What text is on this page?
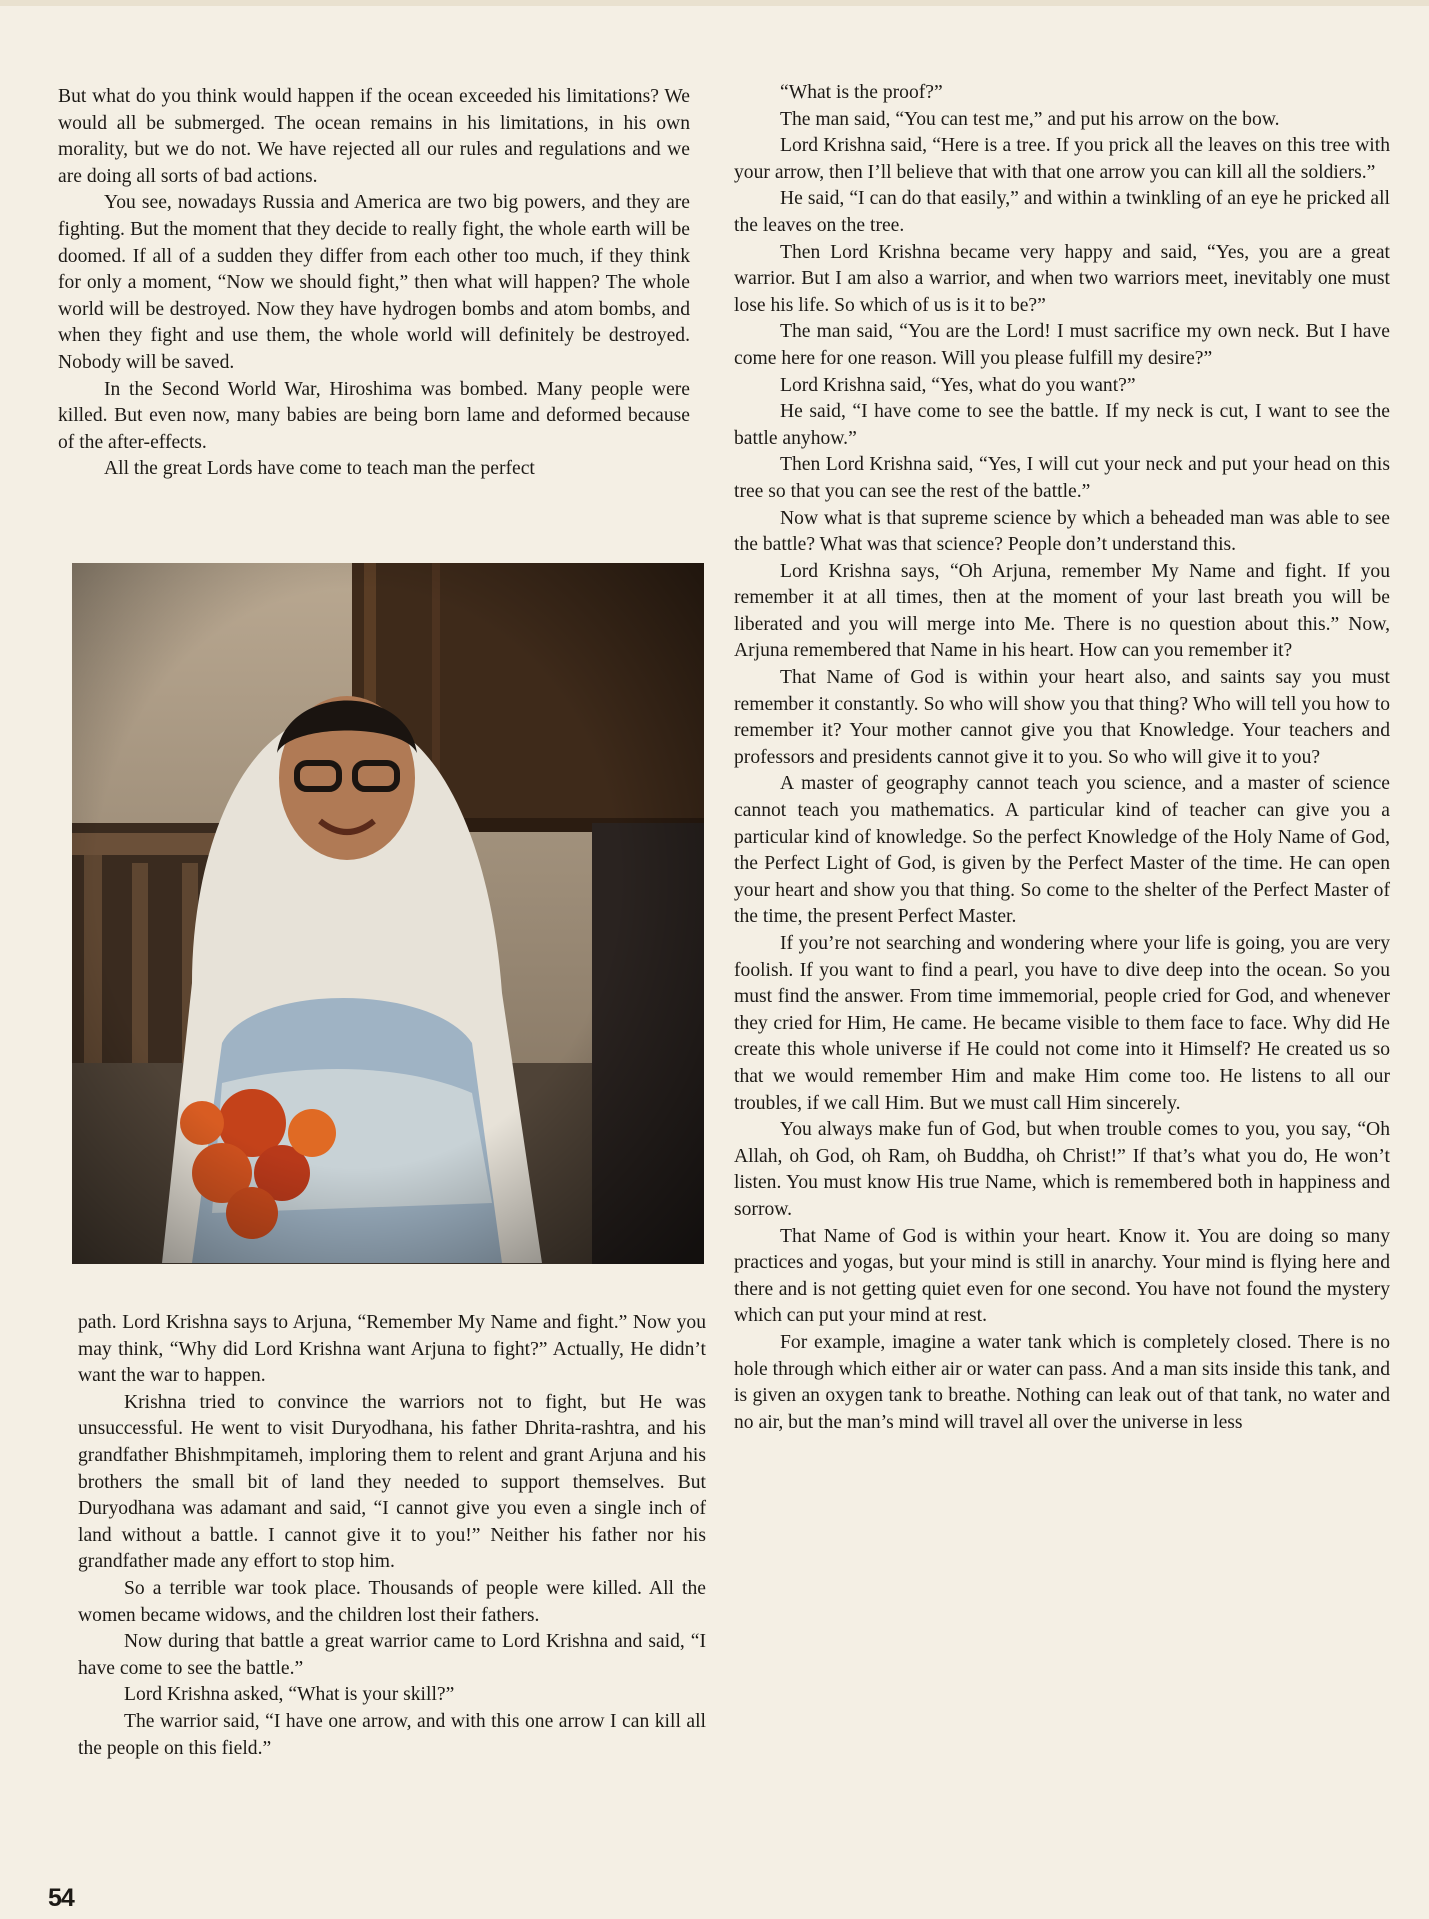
But what do you think would happen if the ocean exceeded his limitations? We would all be submerged. The ocean remains in his limitations, in his own morality, but we do not. We have rejected all our rules and regulations and we are doing all sorts of bad actions.

You see, nowadays Russia and America are two big powers, and they are fighting. But the moment that they decide to really fight, the whole earth will be doomed. If all of a sudden they differ from each other too much, if they think for only a moment, “Now we should fight,” then what will happen? The whole world will be destroyed. Now they have hydrogen bombs and atom bombs, and when they fight and use them, the whole world will definitely be destroyed. Nobody will be saved.

In the Second World War, Hiroshima was bombed. Many people were killed. But even now, many babies are being born lame and deformed because of the after-effects.

All the great Lords have come to teach man the perfect

path. Lord Krishna says to Arjuna, “Remember My Name and fight.” Now you may think, “Why did Lord Krishna want Arjuna to fight?” Actually, He didn’t want the war to happen.

Krishna tried to convince the warriors not to fight, but He was unsuccessful. He went to visit Duryodhana, his father Dhrita-rashtra, and his grandfather Bhishmpitameh, imploring them to relent and grant Arjuna and his brothers the small bit of land they needed to support themselves. But Duryodhana was adamant and said, “I cannot give you even a single inch of land without a battle. I cannot give it to you!” Neither his father nor his grandfather made any effort to stop him.

So a terrible war took place. Thousands of people were killed. All the women became widows, and the children lost their fathers.

Now during that battle a great warrior came to Lord Krishna and said, “I have come to see the battle.”

Lord Krishna asked, “What is your skill?”

The warrior said, “I have one arrow, and with this one arrow I can kill all the people on this field.”

“What is the proof?”

The man said, “You can test me,” and put his arrow on the bow.

Lord Krishna said, “Here is a tree. If you prick all the leaves on this tree with your arrow, then I’ll believe that with that one arrow you can kill all the soldiers.”

He said, “I can do that easily,” and within a twinkling of an eye he pricked all the leaves on the tree.

Then Lord Krishna became very happy and said, “Yes, you are a great warrior. But I am also a warrior, and when two warriors meet, inevitably one must lose his life. So which of us is it to be?”

The man said, “You are the Lord! I must sacrifice my own neck. But I have come here for one reason. Will you please fulfill my desire?”

Lord Krishna said, “Yes, what do you want?”

He said, “I have come to see the battle. If my neck is cut, I want to see the battle anyhow.”

Then Lord Krishna said, “Yes, I will cut your neck and put your head on this tree so that you can see the rest of the battle.”

Now what is that supreme science by which a beheaded man was able to see the battle? What was that science? People don’t understand this.

Lord Krishna says, “Oh Arjuna, remember My Name and fight. If you remember it at all times, then at the moment of your last breath you will be liberated and you will merge into Me. There is no question about this.” Now, Arjuna remembered that Name in his heart. How can you remember it?

That Name of God is within your heart also, and saints say you must remember it constantly. So who will show you that thing? Who will tell you how to remember it? Your mother cannot give you that Knowledge. Your teachers and professors and presidents cannot give it to you. So who will give it to you?

A master of geography cannot teach you science, and a master of science cannot teach you mathematics. A particular kind of teacher can give you a particular kind of knowledge. So the perfect Knowledge of the Holy Name of God, the Perfect Light of God, is given by the Perfect Master of the time. He can open your heart and show you that thing. So come to the shelter of the Perfect Master of the time, the present Perfect Master.

If you’re not searching and wondering where your life is going, you are very foolish. If you want to find a pearl, you have to dive deep into the ocean. So you must find the answer. From time immemorial, people cried for God, and whenever they cried for Him, He came. He became visible to them face to face. Why did He create this whole universe if He could not come into it Himself? He created us so that we would remember Him and make Him come too. He listens to all our troubles, if we call Him. But we must call Him sincerely.

You always make fun of God, but when trouble comes to you, you say, “Oh Allah, oh God, oh Ram, oh Buddha, oh Christ!” If that’s what you do, He won’t listen. You must know His true Name, which is remembered both in happiness and sorrow.

That Name of God is within your heart. Know it. You are doing so many practices and yogas, but your mind is still in anarchy. Your mind is flying here and there and is not getting quiet even for one second. You have not found the mystery which can put your mind at rest.

For example, imagine a water tank which is completely closed. There is no hole through which either air or water can pass. And a man sits inside this tank, and is given an oxygen tank to breathe. Nothing can leak out of that tank, no water and no air, but the man’s mind will travel all over the universe in less

54
